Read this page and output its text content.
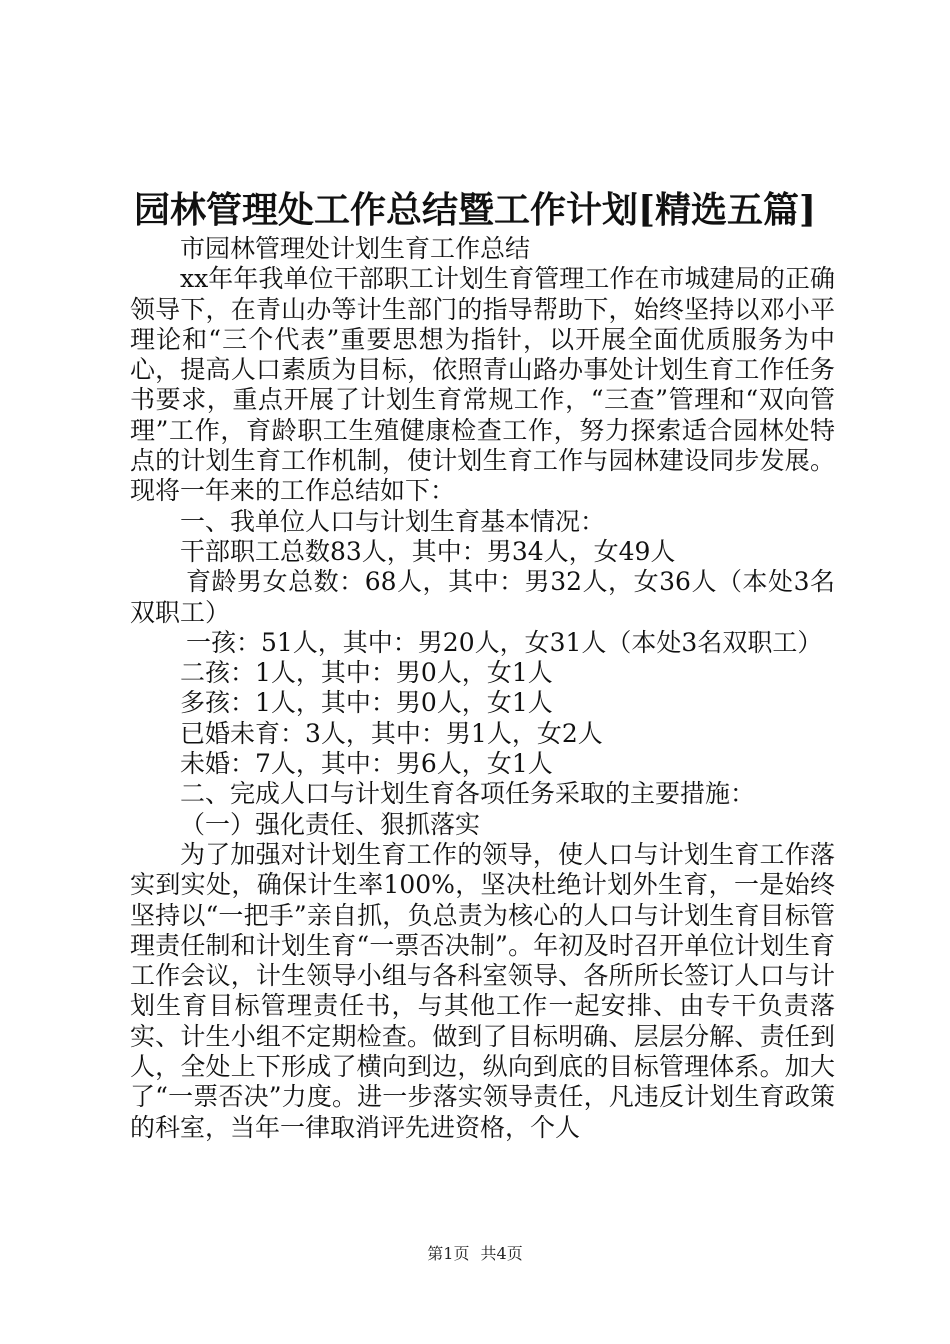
园林管理处工作总结暨工作计划[精选五篇]

市园林管理处计划生育工作总结

xx年年我单位干部职工计划生育管理工作在市城建局的正确领导下，在青山办等计生部门的指导帮助下，始终坚持以邓小平理论和“三个代表”重要思想为指针，以开展全面优质服务为中心，提高人口素质为目标，依照青山路办事处计划生育工作任务书要求，重点开展了计划生育常规工作，“三查”管理和“双向管理”工作，育龄职工生殖健康检查工作，努力探索适合园林处特点的计划生育工作机制，使计划生育工作与园林建设同步发展。现将一年来的工作总结如下：

一、我单位人口与计划生育基本情况：

干部职工总数83人，其中：男34人，女49人

育龄男女总数：68人，其中：男32人，女36人（本处3名双职工）

一孩：51人，其中：男20人，女31人（本处3名双职工）

二孩：1人，其中：男0人，女1人

多孩：1人，其中：男0人，女1人

已婚未育：3人，其中：男1人，女2人

未婚：7人，其中：男6人，女1人

二、完成人口与计划生育各项任务采取的主要措施：

（一）强化责任、狠抓落实

为了加强对计划生育工作的领导，使人口与计划生育工作落实到实处，确保计生率100%，坚决杜绝计划外生育，一是始终坚持以“一把手”亲自抓，负总责为核心的人口与计划生育目标管理责任制和计划生育“一票否决制”。年初及时召开单位计划生育工作会议，计生领导小组与各科室领导、各所所长签订人口与计划生育目标管理责任书，与其他工作一起安排、由专干负责落实、计生小组不定期检查。做到了目标明确、层层分解、责任到人，全处上下形成了横向到边，纵向到底的目标管理体系。加大了“一票否决”力度。进一步落实领导责任，凡违反计划生育政策的科室，当年一律取消评先进资格，个人

第1页 共4页
